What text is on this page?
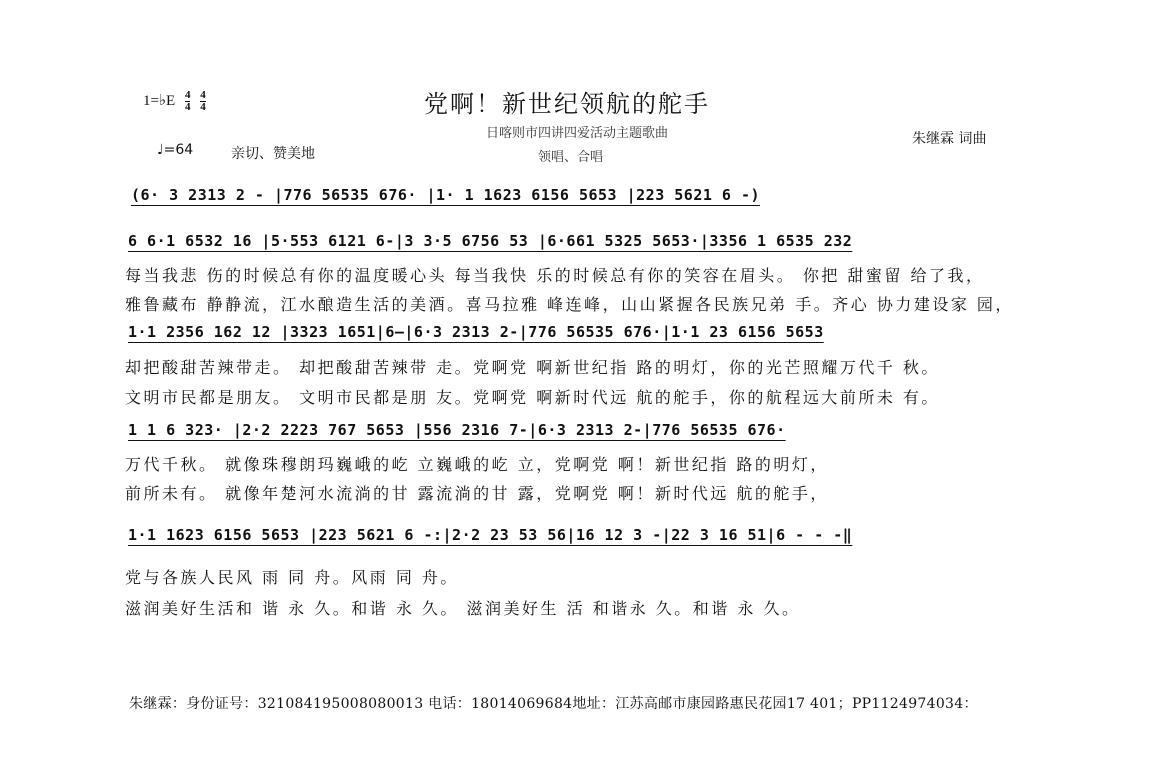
1=♭E $\frac{4}{4}$
$\frac{4}{4}$	党啊！新世纪领航的舵手
日喀则市四讲四爱活动主题歌曲
领唱、合唱
朱继霖 词曲
♩=64	亲切、赞美地
(6· 3 2313 2 - |776 56535 676· |1· 1 1623 6156 5653 |223 5621 6 -)
6 6·1 6532 16 |5·553 6121 6-|3 3·5 6756 53 |6·661 5325 5653·|3356 1 6535 232
每当我悲 伤的时候总有你的温度暖心头 每当我快 乐的时候总有你的笑容在眉头。 你把 甜蜜留 给了我，
雅鲁藏布 静静流，江水酿造生活的美酒。喜马拉雅 峰连峰，山山紧握各民族兄弟 手。齐心 协力建设家 园，
1·1 2356 162 12 |3323 1651|6—|6·3 2313 2-|776 56535 676·|1·1 23 6156 5653
却把酸甜苦辣带走。 却把酸甜苦辣带 走。党啊党 啊新世纪指 路的明灯，你的光芒照耀万代千 秋。
文明市民都是朋友。 文明市民都是朋 友。党啊党 啊新时代远 航的舵手，你的航程远大前所未 有。
1 1 6 323· |2·2 2223 767 5653 |556 2316 7-|6·3 2313 2-|776 56535 676·
万代千秋。 就像珠穆朗玛巍峨的屹 立巍峨的屹 立，党啊党 啊！新世纪指 路的明灯，
前所未有。 就像年楚河水流淌的甘 露流淌的甘 露，党啊党 啊！新时代远 航的舵手，
1·1 1623 6156 5653 |223 5621 6 -:|2·2 23 53 56|16 12 3 -|22 3 16 51|6 - - -‖
党与各族人民风 雨 同 舟。风雨 同 舟。
滋润美好生活和 谐 永 久。和谐 永 久。 滋润美好生 活 和谐永 久。和谐 永 久。
朱继霖：身份证号：321084195008080013 电话：18014069684地址：江苏高邮市康园路惠民花园17 401；PP1124974034：
